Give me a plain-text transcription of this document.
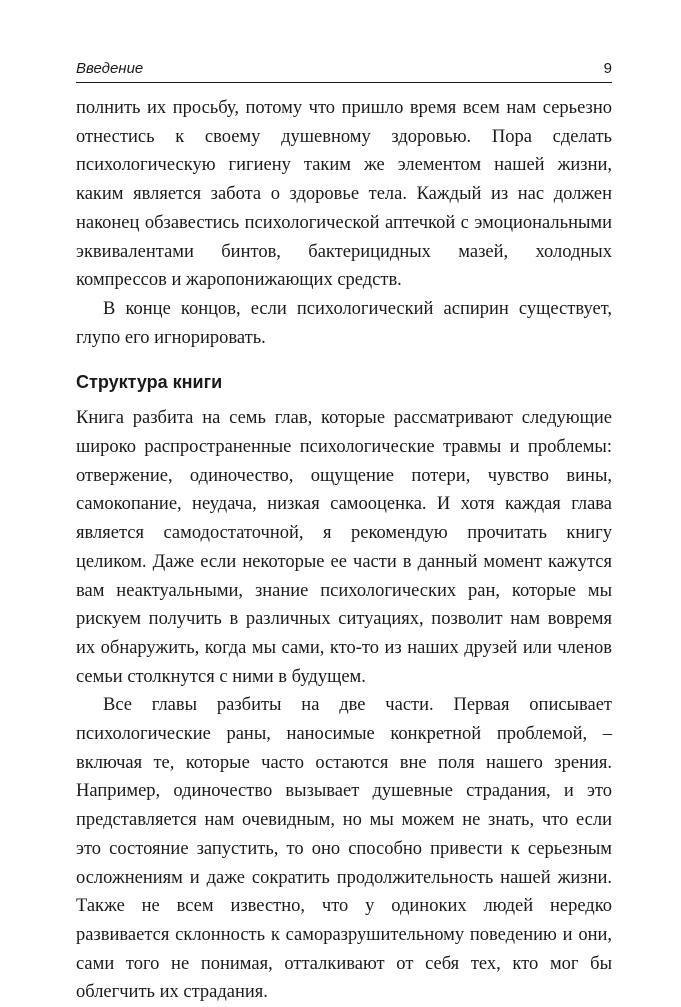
Введение	9

полнить их просьбу, потому что пришло время всем нам серьезно отнестись к своему душевному здоровью. Пора сделать психологическую гигиену таким же элементом нашей жизни, каким является забота о здоровье тела. Каждый из нас должен наконец обзавестись психологической аптечкой с эмоциональными эквивалентами бинтов, бактерицидных мазей, холодных компрессов и жаропонижающих средств.

В конце концов, если психологический аспирин существует, глупо его игнорировать.

Структура книги

Книга разбита на семь глав, которые рассматривают следующие широко распространенные психологические травмы и проблемы: отвержение, одиночество, ощущение потери, чувство вины, самокопание, неудача, низкая самооценка. И хотя каждая глава является самодостаточной, я рекомендую прочитать книгу целиком. Даже если некоторые ее части в данный момент кажутся вам неактуальными, знание психологических ран, которые мы рискуем получить в различных ситуациях, позволит нам вовремя их обнаружить, когда мы сами, кто-то из наших друзей или членов семьи столкнутся с ними в будущем.

Все главы разбиты на две части. Первая описывает психологические раны, наносимые конкретной проблемой, – включая те, которые часто остаются вне поля нашего зрения. Например, одиночество вызывает душевные страдания, и это представляется нам очевидным, но мы можем не знать, что если это состояние запустить, то оно способно привести к серьезным осложнениям и даже сократить продолжительность нашей жизни. Также не всем известно, что у одиноких людей нередко развивается склонность к саморазрушительному поведению и они, сами того не понимая, отталкивают от себя тех, кто мог бы облегчить их страдания.
